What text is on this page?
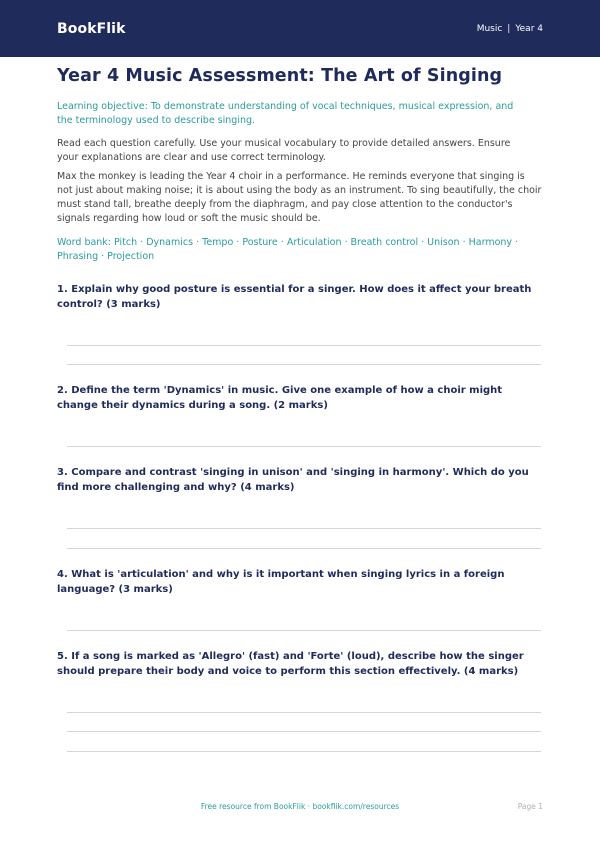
BookFlik	Music | Year 4
Year 4 Music Assessment: The Art of Singing
Learning objective: To demonstrate understanding of vocal techniques, musical expression, and the terminology used to describe singing.
Read each question carefully. Use your musical vocabulary to provide detailed answers. Ensure your explanations are clear and use correct terminology.
Max the monkey is leading the Year 4 choir in a performance. He reminds everyone that singing is not just about making noise; it is about using the body as an instrument. To sing beautifully, the choir must stand tall, breathe deeply from the diaphragm, and pay close attention to the conductor's signals regarding how loud or soft the music should be.
Word bank: Pitch · Dynamics · Tempo · Posture · Articulation · Breath control · Unison · Harmony · Phrasing · Projection
1. Explain why good posture is essential for a singer. How does it affect your breath control? (3 marks)
2. Define the term 'Dynamics' in music. Give one example of how a choir might change their dynamics during a song. (2 marks)
3. Compare and contrast 'singing in unison' and 'singing in harmony'. Which do you find more challenging and why? (4 marks)
4. What is 'articulation' and why is it important when singing lyrics in a foreign language? (3 marks)
5. If a song is marked as 'Allegro' (fast) and 'Forte' (loud), describe how the singer should prepare their body and voice to perform this section effectively. (4 marks)
Free resource from BookFlik · bookflik.com/resources	Page 1
